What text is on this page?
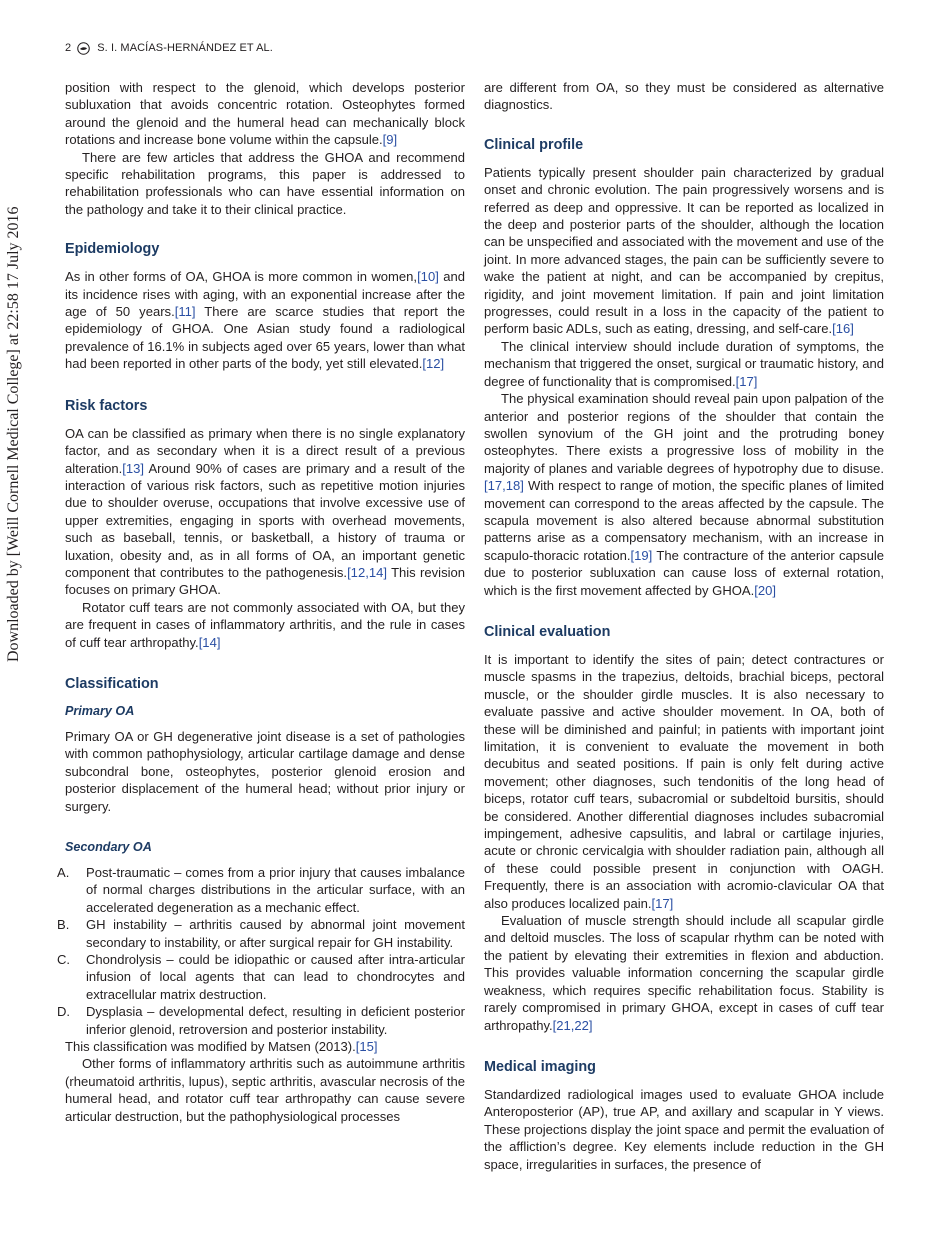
2 S. I. MACÍAS-HERNÁNDEZ ET AL.
Downloaded by [Weill Cornell Medical College] at 22:58 17 July 2016

position with respect to the glenoid, which develops posterior subluxation that avoids concentric rotation. Osteophytes formed around the glenoid and the humeral head can mechanically block rotations and increase bone volume within the capsule.[9]

There are few articles that address the GHOA and recommend specific rehabilitation programs, this paper is addressed to rehabilitation professionals who can have essential information on the pathology and take it to their clinical practice.

Epidemiology

As in other forms of OA, GHOA is more common in women,[10] and its incidence rises with aging, with an exponential increase after the age of 50 years.[11] There are scarce studies that report the epidemiology of GHOA. One Asian study found a radiological prevalence of 16.1% in subjects aged over 65 years, lower than what had been reported in other parts of the body, yet still elevated.[12]

Risk factors

OA can be classified as primary when there is no single explanatory factor, and as secondary when it is a direct result of a previous alteration.[13] Around 90% of cases are primary and a result of the interaction of various risk factors, such as repetitive motion injuries due to shoulder overuse, occupations that involve excessive use of upper extremities, engaging in sports with overhead movements, such as baseball, tennis, or basketball, a history of trauma or luxation, obesity and, as in all forms of OA, an important genetic component that contributes to the pathogenesis.[12,14] This revision focuses on primary GHOA.

Rotator cuff tears are not commonly associated with OA, but they are frequent in cases of inflammatory arthritis, and the rule in cases of cuff tear arthropathy.[14]

Classification
Primary OA

Primary OA or GH degenerative joint disease is a set of pathologies with common pathophysiology, articular cartilage damage and dense subcondral bone, osteophytes, posterior glenoid erosion and posterior displacement of the humeral head; without prior injury or surgery.

Secondary OA
A. Post-traumatic – comes from a prior injury that causes imbalance of normal charges distributions in the articular surface, with an accelerated degeneration as a mechanic effect.
B. GH instability – arthritis caused by abnormal joint movement secondary to instability, or after surgical repair for GH instability.
C. Chondrolysis – could be idiopathic or caused after intra-articular infusion of local agents that can lead to chondrocytes and extracellular matrix destruction.
D. Dysplasia – developmental defect, resulting in deficient posterior inferior glenoid, retroversion and posterior instability.

This classification was modified by Matsen (2013).[15]

Other forms of inflammatory arthritis such as autoimmune arthritis (rheumatoid arthritis, lupus), septic arthritis, avascular necrosis of the humeral head, and rotator cuff tear arthropathy can cause severe articular destruction, but the pathophysiological processes

are different from OA, so they must be considered as alternative diagnostics.

Clinical profile

Patients typically present shoulder pain characterized by gradual onset and chronic evolution. The pain progressively worsens and is referred as deep and oppressive. It can be reported as localized in the deep and posterior parts of the shoulder, although the location can be unspecified and associated with the movement and use of the joint. In more advanced stages, the pain can be sufficiently severe to wake the patient at night, and can be accompanied by crepitus, rigidity, and joint movement limitation. If pain and joint limitation progresses, could result in a loss in the capacity of the patient to perform basic ADLs, such as eating, dressing, and self-care.[16]

The clinical interview should include duration of symptoms, the mechanism that triggered the onset, surgical or traumatic history, and degree of functionality that is compromised.[17]

The physical examination should reveal pain upon palpation of the anterior and posterior regions of the shoulder that contain the swollen synovium of the GH joint and the protruding boney osteophytes. There exists a progressive loss of mobility in the majority of planes and variable degrees of hypotrophy due to disuse.[17,18] With respect to range of motion, the specific planes of limited movement can correspond to the areas affected by the capsule. The scapula movement is also altered because abnormal substitution patterns arise as a compensatory mechanism, with an increase in scapulo-thoracic rotation.[19] The contracture of the anterior capsule due to posterior subluxation can cause loss of external rotation, which is the first movement affected by GHOA.[20]

Clinical evaluation

It is important to identify the sites of pain; detect contractures or muscle spasms in the trapezius, deltoids, brachial biceps, pectoral muscle, or the shoulder girdle muscles. It is also necessary to evaluate passive and active shoulder movement. In OA, both of these will be diminished and painful; in patients with important joint limitation, it is convenient to evaluate the movement in both decubitus and seated positions. If pain is only felt during active movement; other diagnoses, such tendonitis of the long head of biceps, rotator cuff tears, subacromial or subdeltoid bursitis, should be considered. Another differential diagnoses includes subacromial impingement, adhesive capsulitis, and labral or cartilage injuries, acute or chronic cervicalgia with shoulder radiation pain, although all of these could possible present in conjunction with OAGH. Frequently, there is an association with acromio-clavicular OA that also produces localized pain.[17]

Evaluation of muscle strength should include all scapular girdle and deltoid muscles. The loss of scapular rhythm can be noted with the patient by elevating their extremities in flexion and abduction. This provides valuable information concerning the scapular girdle weakness, which requires specific rehabilitation focus. Stability is rarely compromised in primary GHOA, except in cases of cuff tear arthropathy.[21,22]

Medical imaging

Standardized radiological images used to evaluate GHOA include Anteroposterior (AP), true AP, and axillary and scapular in Y views. These projections display the joint space and permit the evaluation of the affliction’s degree. Key elements include reduction in the GH space, irregularities in surfaces, the presence of
